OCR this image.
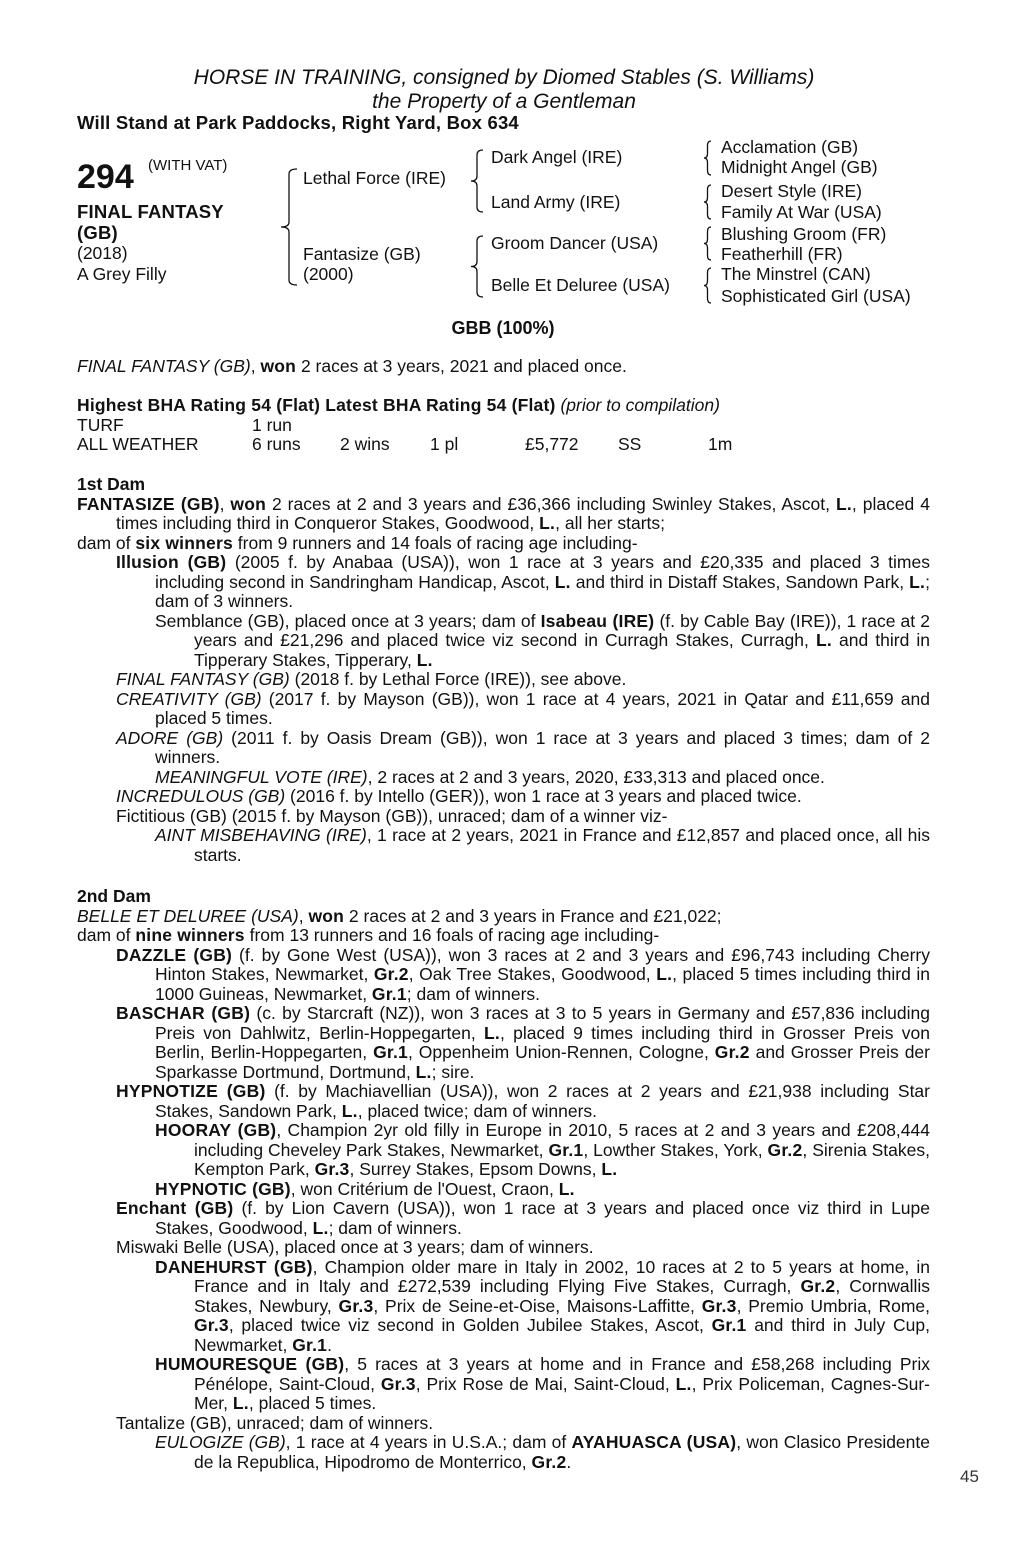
HORSE IN TRAINING, consigned by Diomed Stables (S. Williams)
the Property of a Gentleman
Will Stand at Park Paddocks, Right Yard, Box 634
294 (WITH VAT)
FINAL FANTASY
(GB)
(2018)
A Grey Filly
Lethal Force (IRE)
Fantasize (GB)
(2000)
Dark Angel (IRE)
Land Army (IRE)
Groom Dancer (USA)
Belle Et Deluree (USA)
Acclamation (GB)
Midnight Angel (GB)
Desert Style (IRE)
Family At War (USA)
Blushing Groom (FR)
Featherhill (FR)
The Minstrel (CAN)
Sophisticated Girl (USA)
GBB (100%)
FINAL FANTASY (GB), won 2 races at 3 years, 2021 and placed once.
Highest BHA Rating 54 (Flat) Latest BHA Rating 54 (Flat) (prior to compilation)
TURF	1 run
ALL WEATHER	6 runs 2 wins 1 pl	£5,772 SS	1m
1st Dam
FANTASIZE (GB), won 2 races at 2 and 3 years and £36,366 including Swinley Stakes, Ascot, L., placed 4 times including third in Conqueror Stakes, Goodwood, L., all her starts;
dam of six winners from 9 runners and 14 foals of racing age including-
Illusion (GB) (2005 f. by Anabaa (USA)), won 1 race at 3 years and £20,335 and placed 3 times including second in Sandringham Handicap, Ascot, L. and third in Distaff Stakes, Sandown Park, L.; dam of 3 winners.
Semblance (GB), placed once at 3 years; dam of Isabeau (IRE) (f. by Cable Bay (IRE)), 1 race at 2 years and £21,296 and placed twice viz second in Curragh Stakes, Curragh, L. and third in Tipperary Stakes, Tipperary, L.
FINAL FANTASY (GB) (2018 f. by Lethal Force (IRE)), see above.
CREATIVITY (GB) (2017 f. by Mayson (GB)), won 1 race at 4 years, 2021 in Qatar and £11,659 and placed 5 times.
ADORE (GB) (2011 f. by Oasis Dream (GB)), won 1 race at 3 years and placed 3 times; dam of 2 winners.
MEANINGFUL VOTE (IRE), 2 races at 2 and 3 years, 2020, £33,313 and placed once.
INCREDULOUS (GB) (2016 f. by Intello (GER)), won 1 race at 3 years and placed twice.
Fictitious (GB) (2015 f. by Mayson (GB)), unraced; dam of a winner viz-
AINT MISBEHAVING (IRE), 1 race at 2 years, 2021 in France and £12,857 and placed once, all his starts.
2nd Dam
BELLE ET DELUREE (USA), won 2 races at 2 and 3 years in France and £21,022;
dam of nine winners from 13 runners and 16 foals of racing age including-
DAZZLE (GB) (f. by Gone West (USA)), won 3 races at 2 and 3 years and £96,743 including Cherry Hinton Stakes, Newmarket, Gr.2, Oak Tree Stakes, Goodwood, L., placed 5 times including third in 1000 Guineas, Newmarket, Gr.1; dam of winners.
BASCHAR (GB) (c. by Starcraft (NZ)), won 3 races at 3 to 5 years in Germany and £57,836 including Preis von Dahlwitz, Berlin-Hoppegarten, L., placed 9 times including third in Grosser Preis von Berlin, Berlin-Hoppegarten, Gr.1, Oppenheim Union-Rennen, Cologne, Gr.2 and Grosser Preis der Sparkasse Dortmund, Dortmund, L.; sire.
HYPNOTIZE (GB) (f. by Machiavellian (USA)), won 2 races at 2 years and £21,938 including Star Stakes, Sandown Park, L., placed twice; dam of winners.
HOORAY (GB), Champion 2yr old filly in Europe in 2010, 5 races at 2 and 3 years and £208,444 including Cheveley Park Stakes, Newmarket, Gr.1, Lowther Stakes, York, Gr.2, Sirenia Stakes, Kempton Park, Gr.3, Surrey Stakes, Epsom Downs, L.
HYPNOTIC (GB), won Critérium de l'Ouest, Craon, L.
Enchant (GB) (f. by Lion Cavern (USA)), won 1 race at 3 years and placed once viz third in Lupe Stakes, Goodwood, L.; dam of winners.
Miswaki Belle (USA), placed once at 3 years; dam of winners.
DANEHURST (GB), Champion older mare in Italy in 2002, 10 races at 2 to 5 years at home, in France and in Italy and £272,539 including Flying Five Stakes, Curragh, Gr.2, Cornwallis Stakes, Newbury, Gr.3, Prix de Seine-et-Oise, Maisons-Laffitte, Gr.3, Premio Umbria, Rome, Gr.3, placed twice viz second in Golden Jubilee Stakes, Ascot, Gr.1 and third in July Cup, Newmarket, Gr.1.
HUMOURESQUE (GB), 5 races at 3 years at home and in France and £58,268 including Prix Pénélope, Saint-Cloud, Gr.3, Prix Rose de Mai, Saint-Cloud, L., Prix Policeman, Cagnes-Sur-Mer, L., placed 5 times.
Tantalize (GB), unraced; dam of winners.
EULOGIZE (GB), 1 race at 4 years in U.S.A.; dam of AYAHUASCA (USA), won Clasico Presidente de la Republica, Hipodromo de Monterrico, Gr.2.
45
